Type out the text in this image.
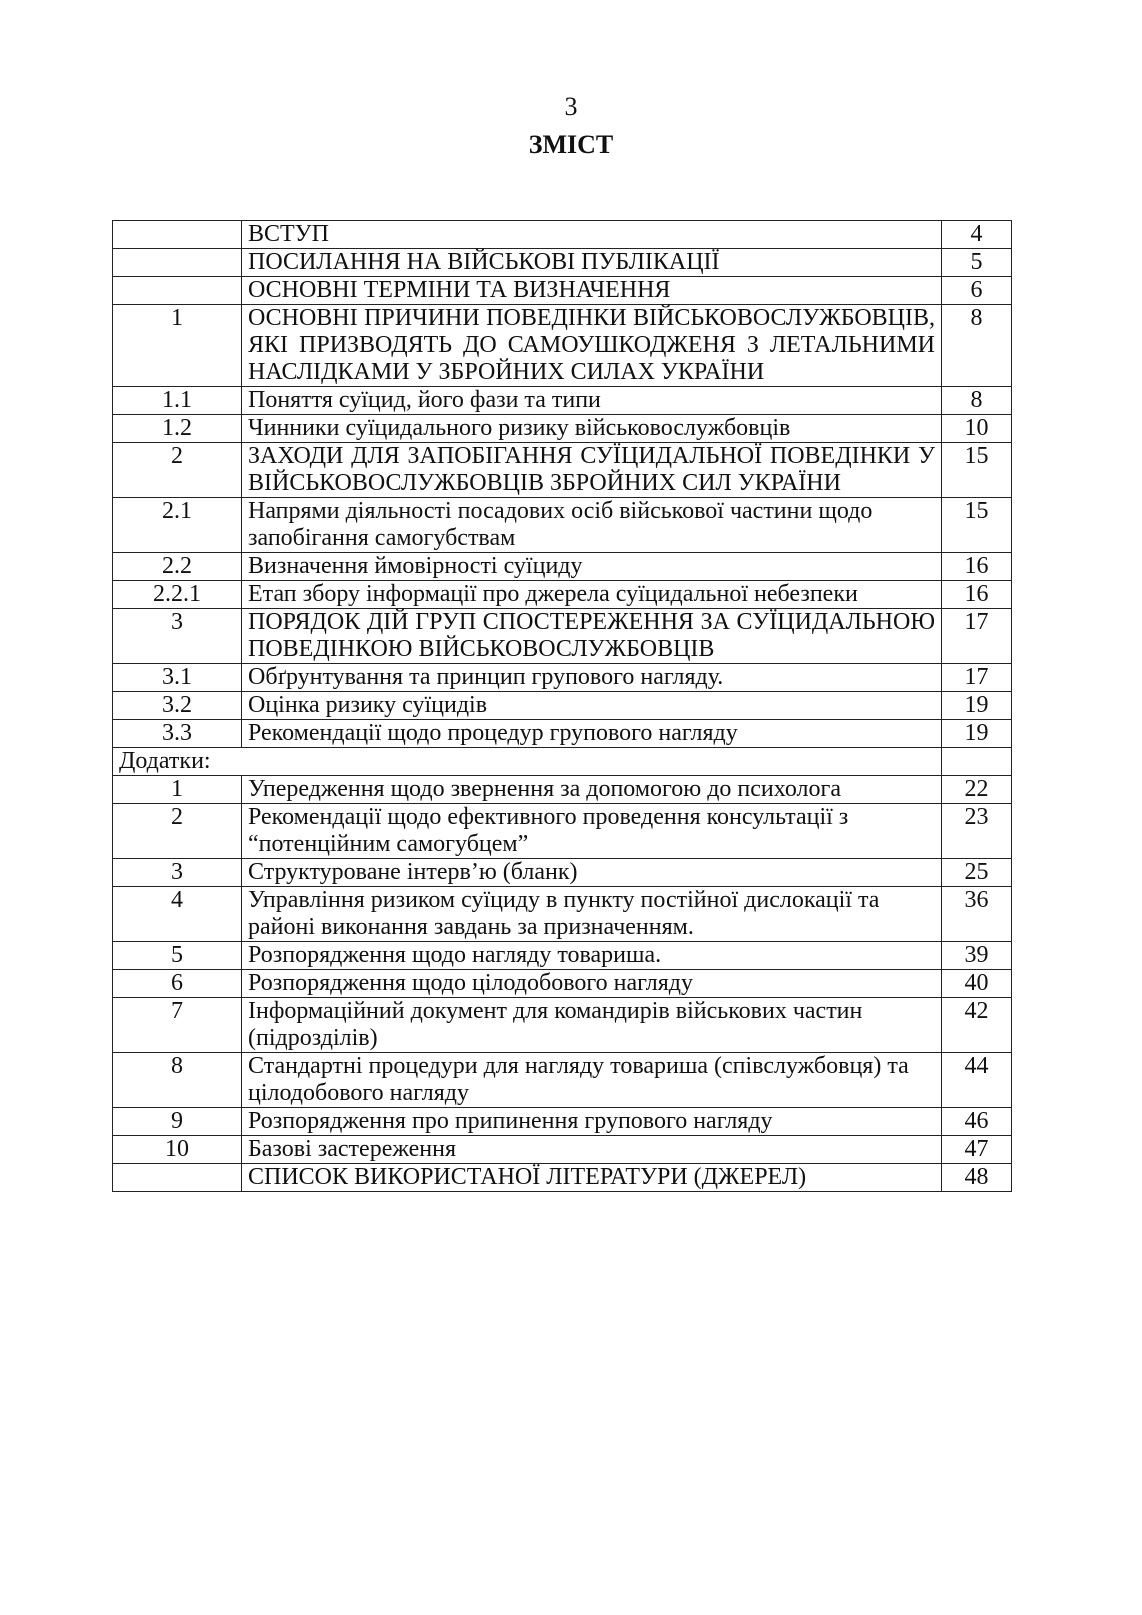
3
ЗМІСТ
	ВСТУП	4
	ПОСИЛАННЯ НА ВІЙСЬКОВІ ПУБЛІКАЦІЇ	5
	ОСНОВНІ ТЕРМІНИ ТА ВИЗНАЧЕННЯ	6
1	ОСНОВНІ ПРИЧИНИ ПОВЕДІНКИ ВІЙСЬКОВОСЛУЖБОВЦІВ, ЯКІ ПРИЗВОДЯТЬ ДО САМОУШКОДЖЕНЯ З ЛЕТАЛЬНИМИ НАСЛІДКАМИ У ЗБРОЙНИХ СИЛАХ УКРАЇНИ	8
1.1	Поняття суїцид, його фази та типи	8
1.2	Чинники суїцидального ризику військовослужбовців	10
2	ЗАХОДИ ДЛЯ ЗАПОБІГАННЯ СУЇЦИДАЛЬНОЇ ПОВЕДІНКИ У ВІЙСЬКОВОСЛУЖБОВЦІВ ЗБРОЙНИХ СИЛ УКРАЇНИ	15
2.1	Напрями діяльності посадових осіб військової частини щодо запобігання самогубствам	15
2.2	Визначення ймовірності суїциду	16
2.2.1	Етап збору інформації про джерела суїцидальної небезпеки	16
3	ПОРЯДОК ДІЙ ГРУП СПОСТЕРЕЖЕННЯ ЗА СУЇЦИДАЛЬНОЮ ПОВЕДІНКОЮ ВІЙСЬКОВОСЛУЖБОВЦІВ	17
3.1	Обґрунтування та принцип групового нагляду.	17
3.2	Оцінка ризику суїцидів	19
3.3	Рекомендації щодо процедур групового нагляду	19
Додатки:		
1	Упередження щодо звернення за допомогою до психолога	22
2	Рекомендації щодо ефективного проведення консультації з “потенційним самогубцем”	23
3	Структуроване інтерв’ю (бланк)	25
4	Управління ризиком суїциду в пункту постійної дислокації та районі виконання завдань за призначенням.	36
5	Розпорядження щодо нагляду товариша.	39
6	Розпорядження щодо цілодобового нагляду	40
7	Інформаційний документ для командирів військових частин (підрозділів)	42
8	Стандартні процедури для нагляду товариша (співслужбовця) та цілодобового нагляду	44
9	Розпорядження про припинення групового нагляду	46
10	Базові застереження	47
	СПИСОК ВИКОРИСТАНОЇ ЛІТЕРАТУРИ (ДЖЕРЕЛ)	48
